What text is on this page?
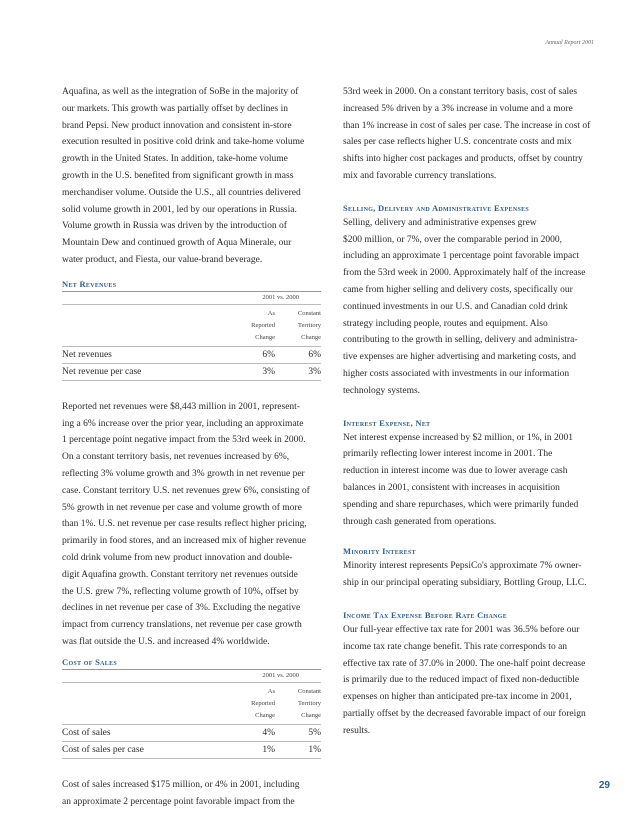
Annual Report 2001

Aquafina, as well as the integration of SoBe in the majority of
our markets. This growth was partially offset by declines in
brand Pepsi. New product innovation and consistent in-store
execution resulted in positive cold drink and take-home volume
growth in the United States. In addition, take-home volume
growth in the U.S. benefited from significant growth in mass
merchandiser volume. Outside the U.S., all countries delivered
solid volume growth in 2001, led by our operations in Russia.
Volume growth in Russia was driven by the introduction of
Mountain Dew and continued growth of Aqua Minerale, our
water product, and Fiesta, our value-brand beverage.

Net Revenues
2001 vs. 2000
As
Reported
Change
Constant
Territory
Change
Net revenues	6%	6%
Net revenue per case	3%	3%

Reported net revenues were $8,443 million in 2001, represent-
ing a 6% increase over the prior year, including an approximate
1 percentage point negative impact from the 53rd week in 2000.
On a constant territory basis, net revenues increased by 6%,
reflecting 3% volume growth and 3% growth in net revenue per
case. Constant territory U.S. net revenues grew 6%, consisting of
5% growth in net revenue per case and volume growth of more
than 1%. U.S. net revenue per case results reflect higher pricing,
primarily in food stores, and an increased mix of higher revenue
cold drink volume from new product innovation and double-
digit Aquafina growth. Constant territory net revenues outside
the U.S. grew 7%, reflecting volume growth of 10%, offset by
declines in net revenue per case of 3%. Excluding the negative
impact from currency translations, net revenue per case growth
was flat outside the U.S. and increased 4% worldwide.

Cost of Sales
2001 vs. 2000
As
Reported
Change
Constant
Territory
Change
Cost of sales	4%	5%
Cost of sales per case	1%	1%

Cost of sales increased $175 million, or 4% in 2001, including
an approximate 2 percentage point favorable impact from the

53rd week in 2000. On a constant territory basis, cost of sales
increased 5% driven by a 3% increase in volume and a more
than 1% increase in cost of sales per case. The increase in cost of
sales per case reflects higher U.S. concentrate costs and mix
shifts into higher cost packages and products, offset by country
mix and favorable currency translations.

Selling, Delivery and Administrative Expenses

Selling, delivery and administrative expenses grew
$200 million, or 7%, over the comparable period in 2000,
including an approximate 1 percentage point favorable impact
from the 53rd week in 2000. Approximately half of the increase
came from higher selling and delivery costs, specifically our
continued investments in our U.S. and Canadian cold drink
strategy including people, routes and equipment. Also
contributing to the growth in selling, delivery and administra-
tive expenses are higher advertising and marketing costs, and
higher costs associated with investments in our information
technology systems.

Interest Expense, Net

Net interest expense increased by $2 million, or 1%, in 2001
primarily reflecting lower interest income in 2001. The
reduction in interest income was due to lower average cash
balances in 2001, consistent with increases in acquisition
spending and share repurchases, which were primarily funded
through cash generated from operations.

Minority Interest

Minority interest represents PepsiCo's approximate 7% owner-
ship in our principal operating subsidiary, Bottling Group, LLC.

Income Tax Expense Before Rate Change

Our full-year effective tax rate for 2001 was 36.5% before our
income tax rate change benefit. This rate corresponds to an
effective tax rate of 37.0% in 2000. The one-half point decrease
is primarily due to the reduced impact of fixed non-deductible
expenses on higher than anticipated pre-tax income in 2001,
partially offset by the decreased favorable impact of our foreign
results.

29
